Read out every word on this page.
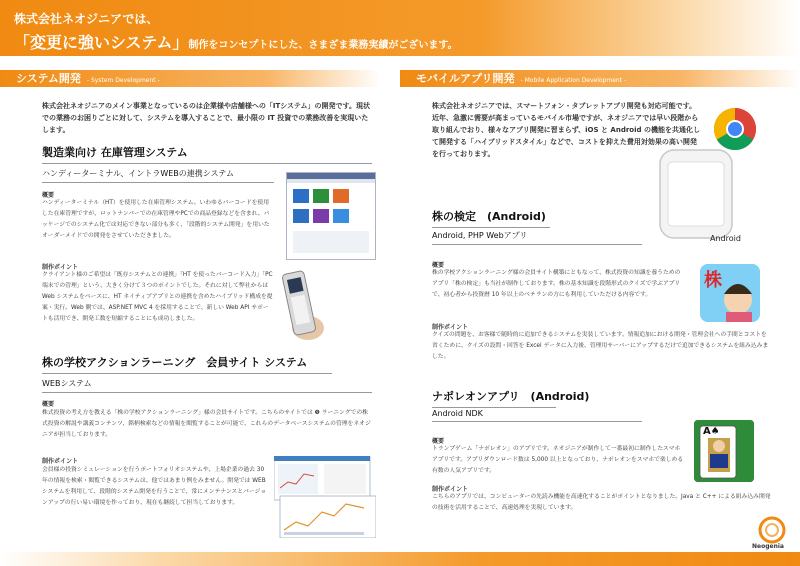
株式会社ネオジニアでは、
「変更に強いシステム」制作をコンセプトにした、さまざま業務実績がございます。
システム開発 - System Development -
株式会社ネオジニアのメイン事業となっているのは企業様や店舗様への「ITシステム」の開発です。現状での業務のお困りごとに対して、システムを導入することで、最小限の IT 投資での業務改善を実現いたします。
製造業向け 在庫管理システム
ハンディーターミナル、イントラWEBの連携システム
概要
ハンディーターミナル（HT）を使用した在庫管理システム。いわゆるバーコードを使用した在庫管理ですが、ロットナンバーでの在庫管理やPCでの商品登録などを含まれ、パッケージでのシステム化では対応できない部分も多く、「段階的システム開発」を用いたオーダーメイドでの開発をさせていただきました。
制作ポイント
クライアント様のご希望は「既存システムとの連携」「HT を使ったバーコード入力」「PC 端末での管理」という、大きく分けて３つのポイントでした。それに対して弊社からは Web システムをベースに、HT ネイティブアプリとの連携を含めたハイブリッド構成を提案・実行。Web 側では、ASP.NET MVC 4 を採用することで、新しい Web API サポートも活用でき、開発工数を短縮することにも成功しました。
株の学校アクションラーニング　会員サイト システム
WEBシステム
概要
株式投資の考え方を教える「株の学校アクションラーニング」様の会員サイトです。こちらのサイトでは ❾ ラーニングでの株式投資の解説や講義コンテンツ、銘柄検索などの情報を閲覧することが可能で、これらのデータベースシステムの管理をネオジニアが担当しております。
制作ポイント
会員様の投資シミュレーションを行うポートフォリオシステムや、上場企業の過去 30 年の情報を検索・閲覧できるシステムは、他ではあまり例をみません。開発では WEB システムを利用して、段階的システム開発を行うことで、常にメンテナンスとバージョンアップの行い易い環境を作っており、現在も継続して担当しております。
モバイルアプリ開発 - Mobile Application Development -
株式会社ネオジニアでは、スマートフォン・タブレットアプリ開発も対応可能です。近年、急激に需要が高まっているモバイル市場ですが、ネオジニアでは早い段階から取り組んでおり、様々なアプリ開発に習まらず、iOS と Android の機能を共通化して開発する「ハイブリッドスタイル」などで、コストを抑えた費用対効果の高い開発を行っております。
Android
株の検定　(Android)
Android, PHP Webアプリ
概要
株の学校アクションラーニング様の会員サイト構築にともなって、株式投資の知識を養うためのアプリ「株の検定」も当社が制作しております。株の基本知識を段階形式のクイズで学ぶアプリで、初心者から投資暦 10 年以上のベテランの方にも利用していただける内容です。
株
制作ポイント
クイズの問題を、お客様で随時的に追加できるシステムを実装しています。情報追加における開発・管理会社への手間とコストを省くために、クイズの設問・回答を Excel データに入力後、管理用サーバーにアップするだけで追加できるシステムを組み込みました。
ナポレオンアプリ　(Android)
Android NDK
概要
トランプゲーム「ナポレオン」のアプリです。ネオジニアが制作して一番最初に制作したスマホアプリです。アプリダウンロード数は 5,000 以上となっており、ナポレオンをスマホで楽しめる有数の人気アプリです。
A♠
制作ポイント
こちらのアプリでは、コンピューターの先読み機能を高速化することがポイントとなりました。Java と C++ による組み込み開発の技術を活用することで、高速処理を実現しています。
Neogenia
